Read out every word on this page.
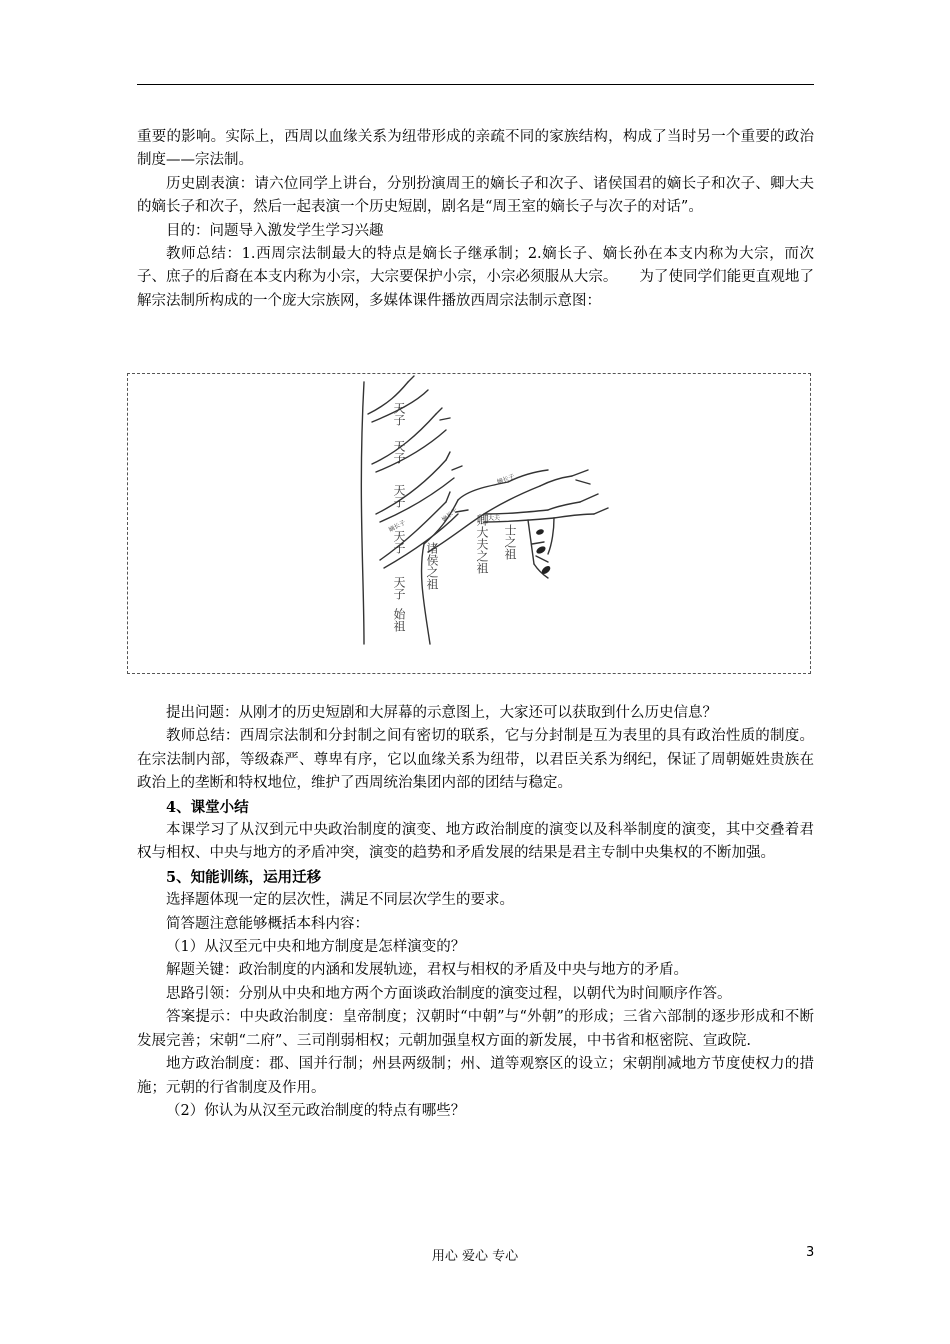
重要的影响。实际上，西周以血缘关系为纽带形成的亲疏不同的家族结构，构成了当时另一个重要的政治制度——宗法制。

历史剧表演：请六位同学上讲台，分别扮演周王的嫡长子和次子、诸侯国君的嫡长子和次子、卿大夫的嫡长子和次子，然后一起表演一个历史短剧，剧名是“周王室的嫡长子与次子的对话”。

目的：问题导入激发学生学习兴趣

教师总结：1.西周宗法制最大的特点是嫡长子继承制；2.嫡长子、嫡长孙在本支内称为大宗，而次子、庶子的后裔在本支内称为小宗，大宗要保护小宗，小宗必须服从大宗。　　为了使同学们能更直观地了解宗法制所构成的一个庞大宗族网，多媒体课件播放西周宗法制示意图：

嫡长子
嫡长子	大夫
嫡长子
天子
天子
天子
天子
天子
始祖
诸侯之祖	卿大夫之祖 士之祖

提出问题：从刚才的历史短剧和大屏幕的示意图上，大家还可以获取到什么历史信息？

教师总结：西周宗法制和分封制之间有密切的联系，它与分封制是互为表里的具有政治性质的制度。在宗法制内部，等级森严、尊卑有序，它以血缘关系为纽带，以君臣关系为纲纪，保证了周朝姬姓贵族在政治上的垄断和特权地位，维护了西周统治集团内部的团结与稳定。

4、课堂小结

本课学习了从汉到元中央政治制度的演变、地方政治制度的演变以及科举制度的演变，其中交叠着君权与相权、中央与地方的矛盾冲突，演变的趋势和矛盾发展的结果是君主专制中央集权的不断加强。

5、知能训练，运用迁移

选择题体现一定的层次性，满足不同层次学生的要求。

简答题注意能够概括本科内容：

（1）从汉至元中央和地方制度是怎样演变的？

解题关键：政治制度的内涵和发展轨迹，君权与相权的矛盾及中央与地方的矛盾。

思路引领：分别从中央和地方两个方面谈政治制度的演变过程，以朝代为时间顺序作答。

答案提示：中央政治制度：皇帝制度；汉朝时“中朝”与“外朝”的形成；三省六部制的逐步形成和不断发展完善；宋朝“二府”、三司削弱相权；元朝加强皇权方面的新发展，中书省和枢密院、宣政院.

地方政治制度：郡、国并行制；州县两级制；州、道等观察区的设立；宋朝削减地方节度使权力的措施；元朝的行省制度及作用。

（2）你认为从汉至元政治制度的特点有哪些？

用心 爱心 专心	3
